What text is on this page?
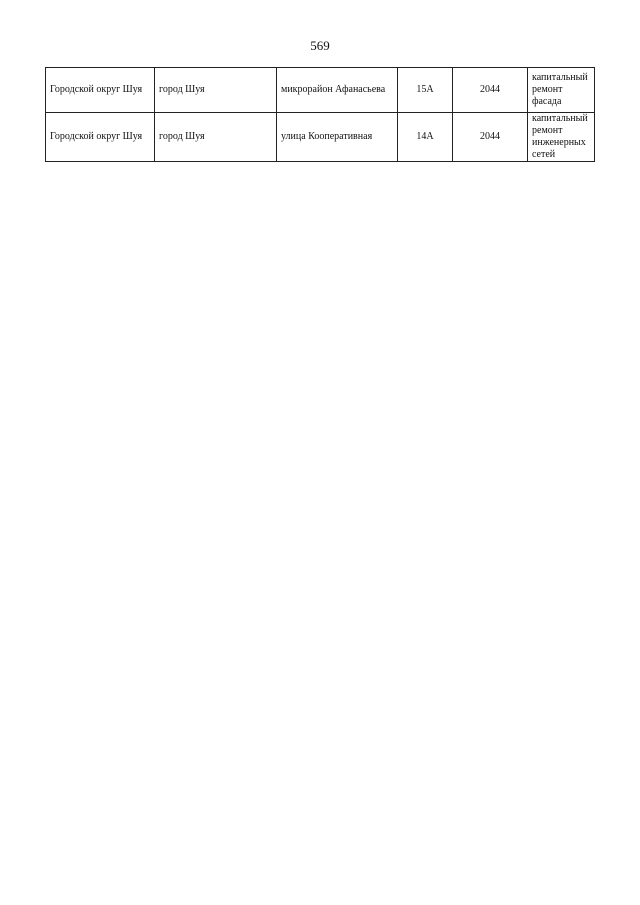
569
Городской округ Шуя	город Шуя	микрорайон Афанасьева	15А	2044	капитальный ремонт фасада
Городской округ Шуя	город Шуя	улица Кооперативная	14А	2044	капитальный ремонт инженерных сетей
